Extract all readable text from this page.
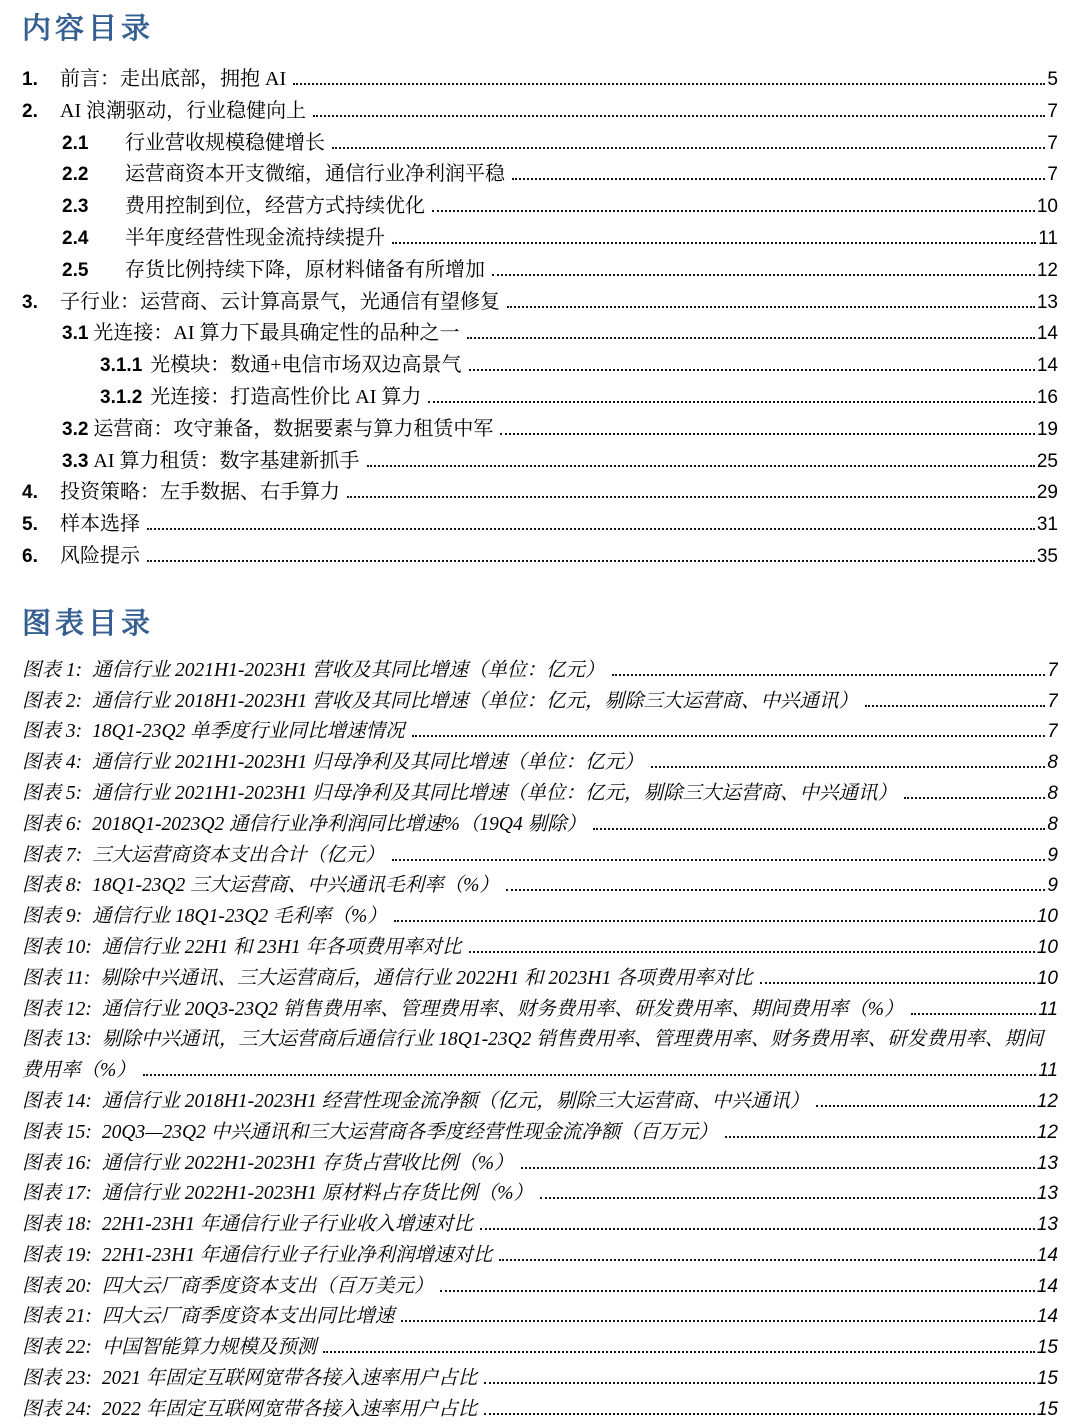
内容目录
1.	前言：走出底部，拥抱 AI	5
2.	AI 浪潮驱动，行业稳健向上	7
2.1	行业营收规模稳健增长	7
2.2	运营商资本开支微缩，通信行业净利润平稳	7
2.3	费用控制到位，经营方式持续优化	10
2.4	半年度经营性现金流持续提升	11
2.5	存货比例持续下降，原材料储备有所增加	12
3.	子行业：运营商、云计算高景气，光通信有望修复	13
3.1 光连接：AI 算力下最具确定性的品种之一	14
3.1.1 光模块：数通+电信市场双边高景气	14
3.1.2 光连接：打造高性价比 AI 算力	16
3.2 运营商：攻守兼备，数据要素与算力租赁中军	19
3.3 AI 算力租赁：数字基建新抓手	25
4.	投资策略：左手数据、右手算力	29
5.	样本选择	31
6.	风险提示	35
图表目录
图表 1: 通信行业 2021H1-2023H1 营收及其同比增速（单位：亿元）	7
图表 2: 通信行业 2018H1-2023H1 营收及其同比增速（单位：亿元，剔除三大运营商、中兴通讯）	7
图表 3: 18Q1-23Q2 单季度行业同比增速情况	7
图表 4: 通信行业 2021H1-2023H1 归母净利及其同比增速（单位：亿元）	8
图表 5: 通信行业 2021H1-2023H1 归母净利及其同比增速（单位：亿元，剔除三大运营商、中兴通讯）	8
图表 6: 2018Q1-2023Q2 通信行业净利润同比增速%（19Q4 剔除）	8
图表 7: 三大运营商资本支出合计（亿元）	9
图表 8: 18Q1-23Q2 三大运营商、中兴通讯毛利率（%）	9
图表 9: 通信行业 18Q1-23Q2 毛利率（%）	10
图表 10: 通信行业 22H1 和 23H1 年各项费用率对比	10
图表 11: 剔除中兴通讯、三大运营商后，通信行业 2022H1 和 2023H1 各项费用率对比	10
图表 12: 通信行业 20Q3-23Q2 销售费用率、管理费用率、财务费用率、研发费用率、期间费用率（%）	11
图表 13: 剔除中兴通讯，三大运营商后通信行业 18Q1-23Q2 销售费用率、管理费用率、财务费用率、研发费用率、期间
费用率（%）	11
图表 14: 通信行业 2018H1-2023H1 经营性现金流净额（亿元，剔除三大运营商、中兴通讯）	12
图表 15: 20Q3—23Q2 中兴通讯和三大运营商各季度经营性现金流净额（百万元）	12
图表 16: 通信行业 2022H1-2023H1 存货占营收比例（%）	13
图表 17: 通信行业 2022H1-2023H1 原材料占存货比例（%）	13
图表 18: 22H1-23H1 年通信行业子行业收入增速对比	13
图表 19: 22H1-23H1 年通信行业子行业净利润增速对比	14
图表 20: 四大云厂商季度资本支出（百万美元）	14
图表 21: 四大云厂商季度资本支出同比增速	14
图表 22: 中国智能算力规模及预测	15
图表 23: 2021 年固定互联网宽带各接入速率用户占比	15
图表 24: 2022 年固定互联网宽带各接入速率用户占比	15
